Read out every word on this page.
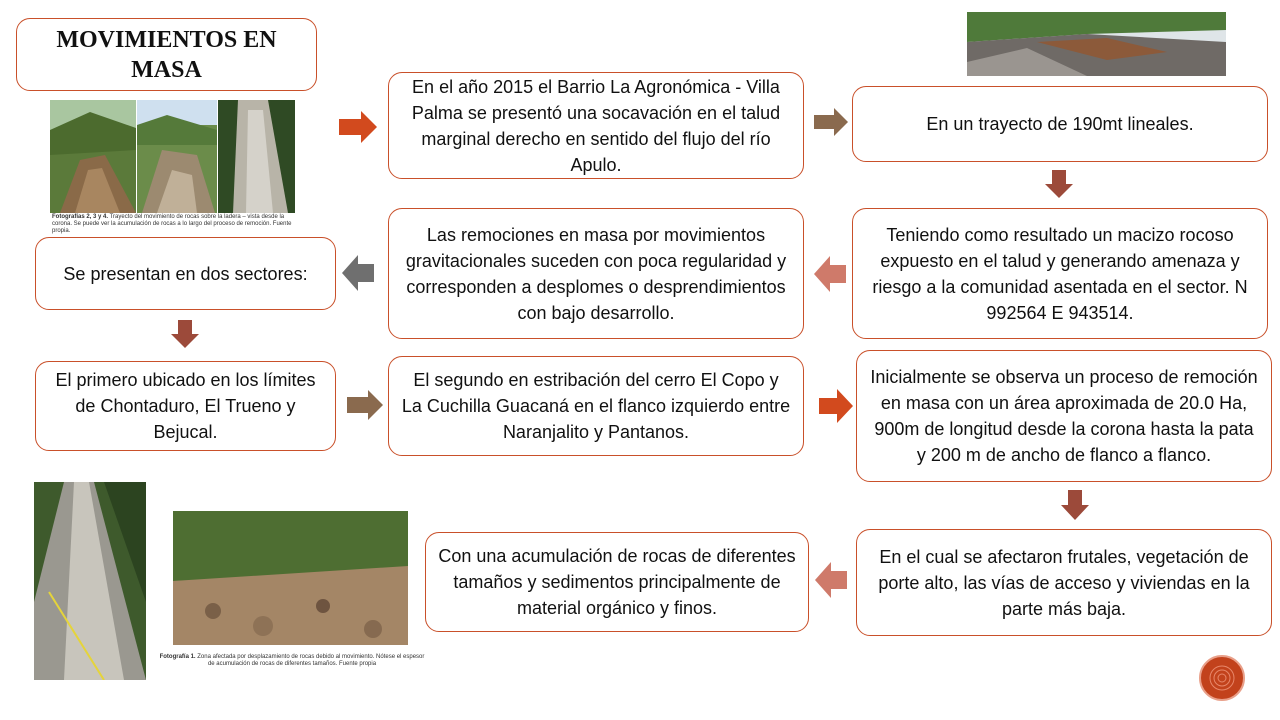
MOVIMIENTOS EN MASA
Fotografías 2, 3 y 4. Trayecto del movimiento de rocas sobre la ladera – vista desde la corona. Se puede ver la acumulación de rocas a lo largo del proceso de remoción. Fuente propia.
En el año 2015 el Barrio La Agronómica - Villa Palma se presentó una socavación en el talud marginal derecho en sentido del flujo del río Apulo.
En un trayecto de 190mt lineales.
Teniendo como resultado un macizo rocoso expuesto en el talud y generando amenaza y riesgo a la comunidad asentada en el sector. N 992564 E 943514.
Las remociones en masa por movimientos gravitacionales suceden con poca regularidad y corresponden a desplomes o desprendimientos con bajo desarrollo.
Se presentan en dos sectores:
El primero ubicado en los límites de Chontaduro, El Trueno y Bejucal.
El segundo en estribación del cerro El Copo y La Cuchilla Guacaná en el flanco izquierdo entre Naranjalito y Pantanos.
Inicialmente se observa un proceso de remoción en masa con un área aproximada de 20.0 Ha, 900m de longitud desde la corona hasta la pata y 200 m de ancho de flanco a flanco.
En el cual se afectaron frutales, vegetación de porte alto, las vías de acceso y viviendas en la parte más baja.
Con una acumulación de rocas de diferentes tamaños y sedimentos principalmente de material orgánico y finos.
Fotografía 1. Zona afectada por desplazamiento de rocas debido al movimiento. Nótese el espesor de acumulación de rocas de diferentes tamaños. Fuente propia
